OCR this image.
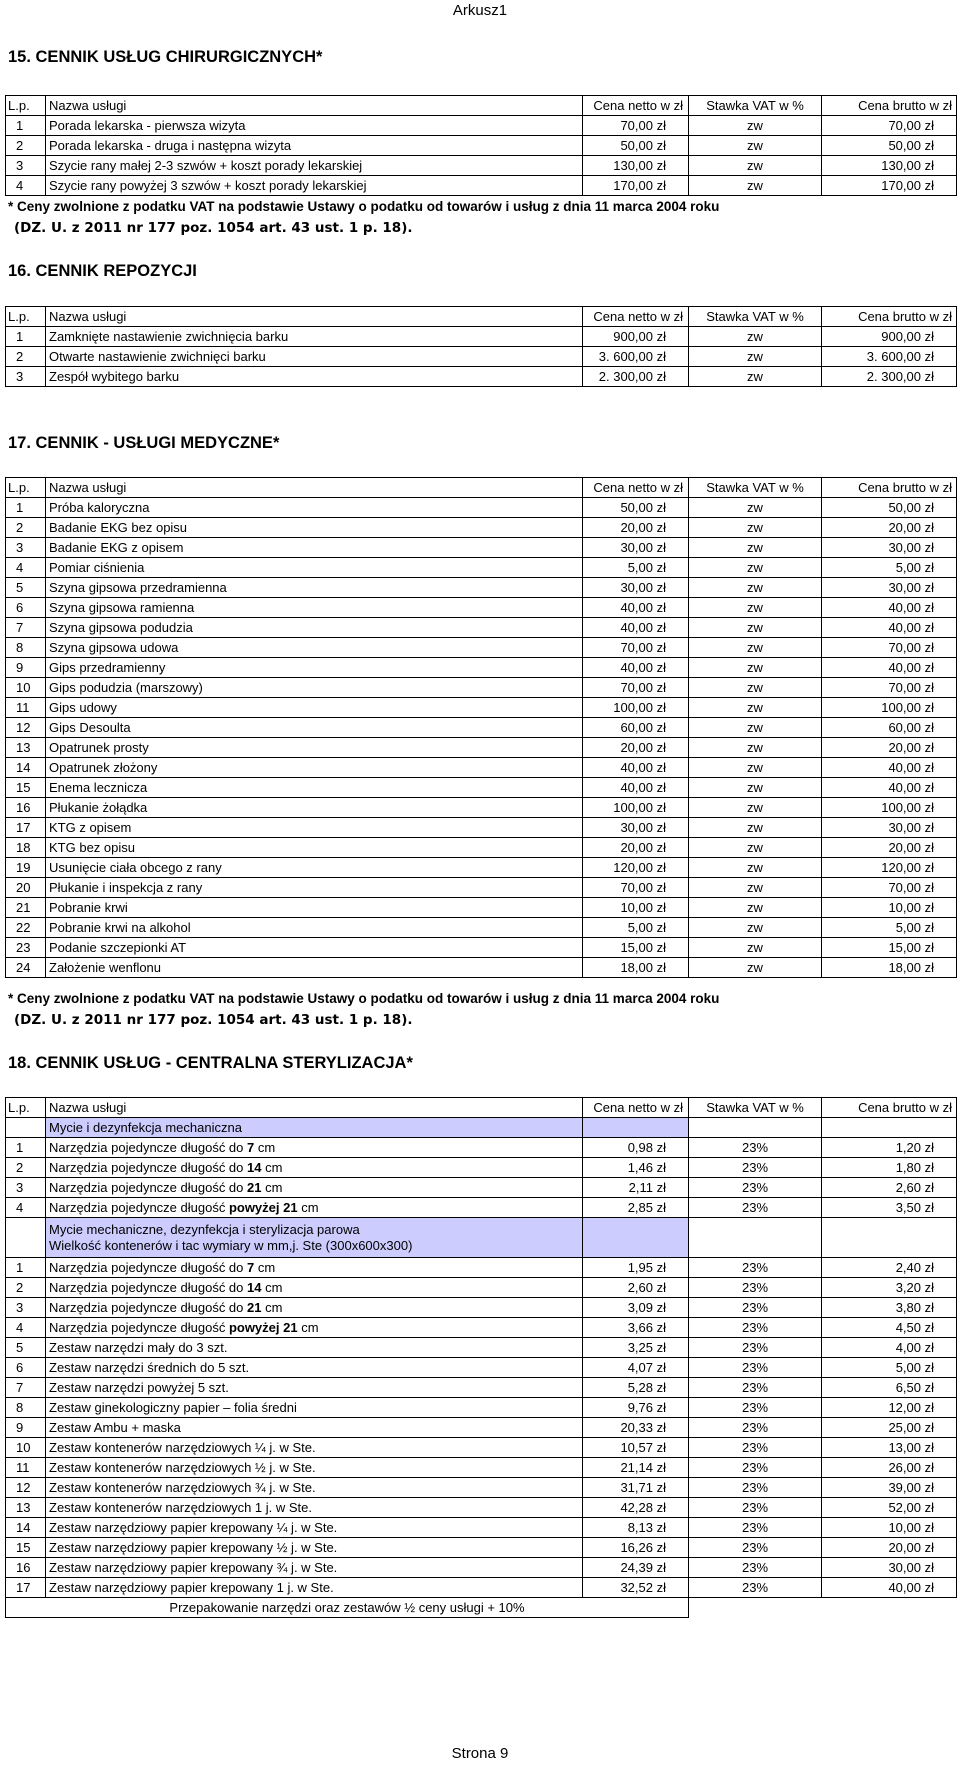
Arkusz1
15. CENNIK USŁUG CHIRURGICZNYCH*
L.p.	Nazwa usługi	Cena netto w zł	Stawka VAT w %	Cena brutto w zł
1	Porada lekarska - pierwsza wizyta	70,00 zł	zw	70,00 zł
2	Porada lekarska - druga i następna wizyta	50,00 zł	zw	50,00 zł
3	Szycie rany małej 2-3 szwów + koszt porady lekarskiej	130,00 zł	zw	130,00 zł
4	Szycie rany powyżej 3 szwów + koszt porady lekarskiej	170,00 zł	zw	170,00 zł
* Ceny zwolnione z podatku VAT na podstawie Ustawy o podatku od towarów i usług z dnia 11 marca 2004 roku
(DZ. U. z 2011 nr 177 poz. 1054 art. 43 ust. 1 p. 18).
16. CENNIK REPOZYCJI
L.p.	Nazwa usługi	Cena netto w zł	Stawka VAT w %	Cena brutto w zł
1	Zamknięte nastawienie zwichnięcia barku	900,00 zł	zw	900,00 zł
2	Otwarte nastawienie zwichnięci barku	3. 600,00 zł	zw	3. 600,00 zł
3	Zespół wybitego barku	2. 300,00 zł	zw	2. 300,00 zł
17. CENNIK - USŁUGI MEDYCZNE*
L.p.	Nazwa usługi	Cena netto w zł	Stawka VAT w %	Cena brutto w zł
1	Próba kaloryczna	50,00 zł	zw	50,00 zł
2	Badanie EKG bez opisu	20,00 zł	zw	20,00 zł
3	Badanie EKG z opisem	30,00 zł	zw	30,00 zł
4	Pomiar ciśnienia	5,00 zł	zw	5,00 zł
5	Szyna gipsowa przedramienna	30,00 zł	zw	30,00 zł
6	Szyna gipsowa ramienna	40,00 zł	zw	40,00 zł
7	Szyna gipsowa podudzia	40,00 zł	zw	40,00 zł
8	Szyna gipsowa udowa	70,00 zł	zw	70,00 zł
9	Gips przedramienny	40,00 zł	zw	40,00 zł
10	Gips podudzia (marszowy)	70,00 zł	zw	70,00 zł
11	Gips udowy	100,00 zł	zw	100,00 zł
12	Gips Desoulta	60,00 zł	zw	60,00 zł
13	Opatrunek prosty	20,00 zł	zw	20,00 zł
14	Opatrunek złożony	40,00 zł	zw	40,00 zł
15	Enema lecznicza	40,00 zł	zw	40,00 zł
16	Płukanie żołądka	100,00 zł	zw	100,00 zł
17	KTG z opisem	30,00 zł	zw	30,00 zł
18	KTG bez opisu	20,00 zł	zw	20,00 zł
19	Usunięcie ciała obcego z rany	120,00 zł	zw	120,00 zł
20	Płukanie i inspekcja z rany	70,00 zł	zw	70,00 zł
21	Pobranie krwi	10,00 zł	zw	10,00 zł
22	Pobranie krwi na alkohol	5,00 zł	zw	5,00 zł
23	Podanie szczepionki AT	15,00 zł	zw	15,00 zł
24	Założenie wenflonu	18,00 zł	zw	18,00 zł
* Ceny zwolnione z podatku VAT na podstawie Ustawy o podatku od towarów i usług z dnia 11 marca 2004 roku
(DZ. U. z 2011 nr 177 poz. 1054 art. 43 ust. 1 p. 18).
18. CENNIK USŁUG - CENTRALNA STERYLIZACJA*
L.p.	Nazwa usługi	Cena netto w zł	Stawka VAT w %	Cena brutto w zł
	Mycie i dezynfekcja mechaniczna			
1	Narzędzia pojedyncze długość do 7 cm	0,98 zł	23%	1,20 zł
2	Narzędzia pojedyncze długość do 14 cm	1,46 zł	23%	1,80 zł
3	Narzędzia pojedyncze długość do 21 cm	2,11 zł	23%	2,60 zł
4	Narzędzia pojedyncze długość powyżej 21 cm	2,85 zł	23%	3,50 zł

	Mycie mechaniczne, dezynfekcja i sterylizacja parowa
Wielkość kontenerów i tac wymiary w mm,j. Ste (300x600x300)			

1	Narzędzia pojedyncze długość do 7 cm	1,95 zł	23%	2,40 zł
2	Narzędzia pojedyncze długość do 14 cm	2,60 zł	23%	3,20 zł
3	Narzędzia pojedyncze długość do 21 cm	3,09 zł	23%	3,80 zł
4	Narzędzia pojedyncze długość powyżej 21 cm	3,66 zł	23%	4,50 zł
5	Zestaw narzędzi mały do 3 szt.	3,25 zł	23%	4,00 zł
6	Zestaw narzędzi średnich do 5 szt.	4,07 zł	23%	5,00 zł
7	Zestaw narzędzi powyżej 5 szt.	5,28 zł	23%	6,50 zł
8	Zestaw ginekologiczny papier – folia średni	9,76 zł	23%	12,00 zł
9	Zestaw Ambu + maska	20,33 zł	23%	25,00 zł
10	Zestaw kontenerów narzędziowych ¼ j. w Ste.	10,57 zł	23%	13,00 zł
11	Zestaw kontenerów narzędziowych ½ j. w Ste.	21,14 zł	23%	26,00 zł
12	Zestaw kontenerów narzędziowych ¾ j. w Ste.	31,71 zł	23%	39,00 zł
13	Zestaw kontenerów narzędziowych 1 j. w Ste.	42,28 zł	23%	52,00 zł
14	Zestaw narzędziowy papier krepowany ¼ j. w Ste.	8,13 zł	23%	10,00 zł
15	Zestaw narzędziowy papier krepowany ½ j. w Ste.	16,26 zł	23%	20,00 zł
16	Zestaw narzędziowy papier krepowany ¾ j. w Ste.	24,39 zł	23%	30,00 zł
17	Zestaw narzędziowy papier krepowany 1 j. w Ste.	32,52 zł	23%	40,00 zł
Przepakowanie narzędzi oraz zestawów ½ ceny usługi + 10%				
Strona 9
